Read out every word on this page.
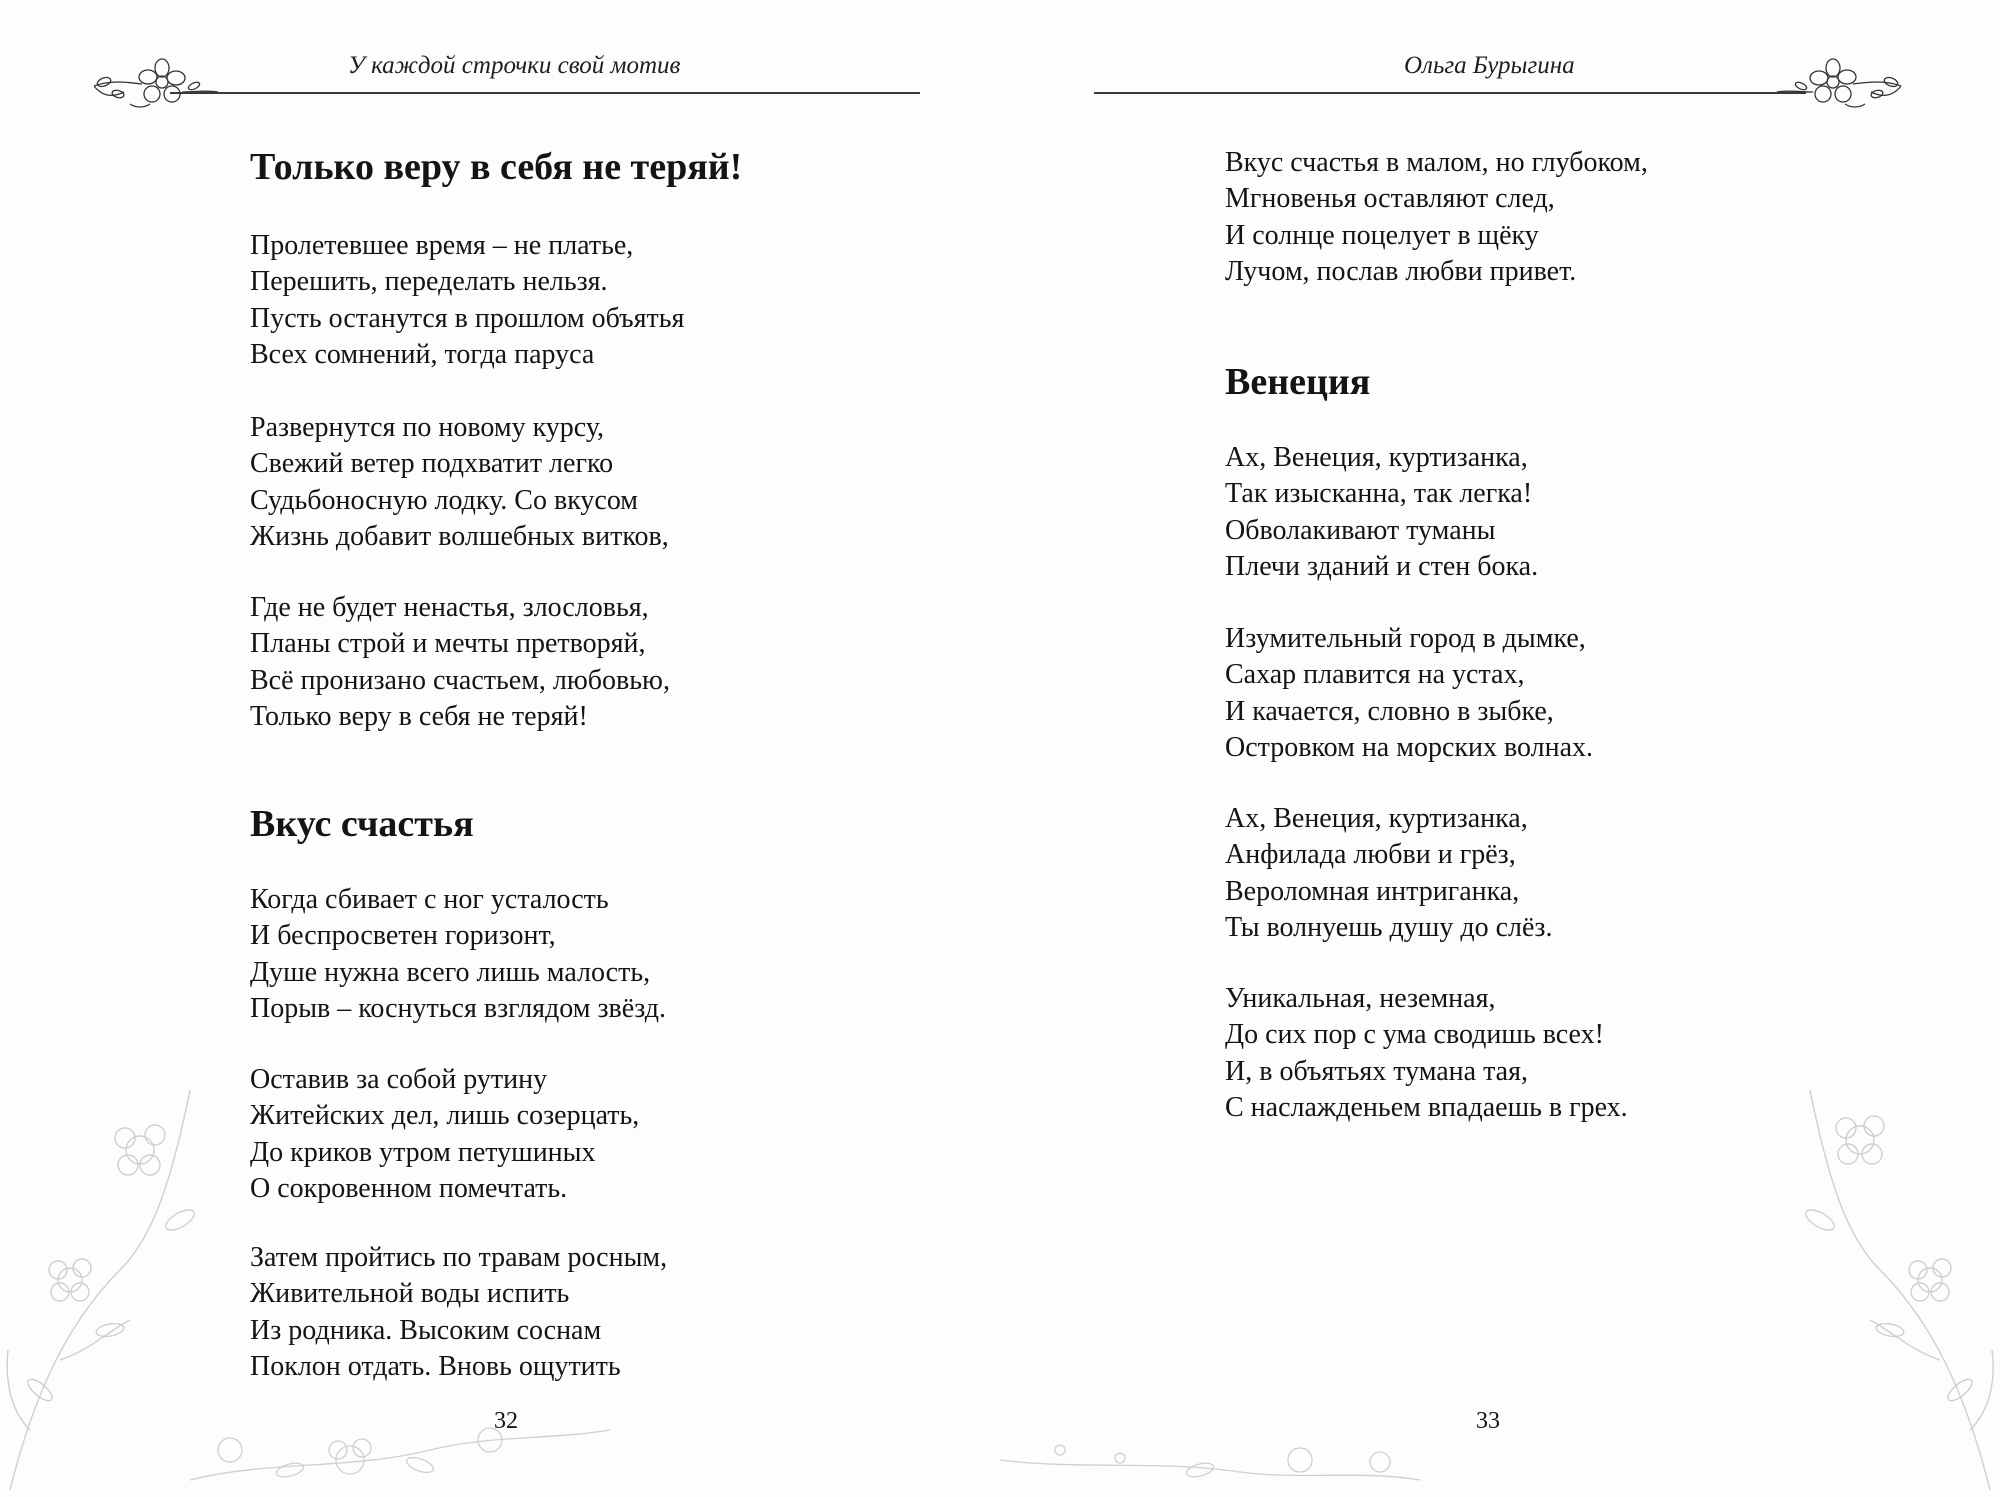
У каждой строчки свой мотив
Только веру в себя не теряй!
Пролетевшее время – не платье,
Перешить, переделать нельзя.
Пусть останутся в прошлом объятья
Всех сомнений, тогда паруса
Развернутся по новому курсу,
Свежий ветер подхватит легко
Судьбоносную лодку. Со вкусом
Жизнь добавит волшебных витков,
Где не будет ненастья, злословья,
Планы строй и мечты претворяй,
Всё пронизано счастьем, любовью,
Только веру в себя не теряй!
Вкус счастья
Когда сбивает с ног усталость
И беспросветен горизонт,
Душе нужна всего лишь малость,
Порыв – коснуться взглядом звёзд.
Оставив за собой рутину
Житейских дел, лишь созерцать,
До криков утром петушиных
О сокровенном помечтать.
Затем пройтись по травам росным,
Живительной воды испить
Из родника. Высоким соснам
Поклон отдать. Вновь ощутить
32
Ольга Бурыгина
Вкус счастья в малом, но глубоком,
Мгновенья оставляют след,
И солнце поцелует в щёку
Лучом, послав любви привет.
Венеция
Ах, Венеция, куртизанка,
Так изысканна, так легка!
Обволакивают туманы
Плечи зданий и стен бока.
Изумительный город в дымке,
Сахар плавится на устах,
И качается, словно в зыбке,
Островком на морских волнах.
Ах, Венеция, куртизанка,
Анфилада любви и грёз,
Вероломная интриганка,
Ты волнуешь душу до слёз.
Уникальная, неземная,
До сих пор с ума сводишь всех!
И, в объятьях тумана тая,
С наслажденьем впадаешь в грех.
33
